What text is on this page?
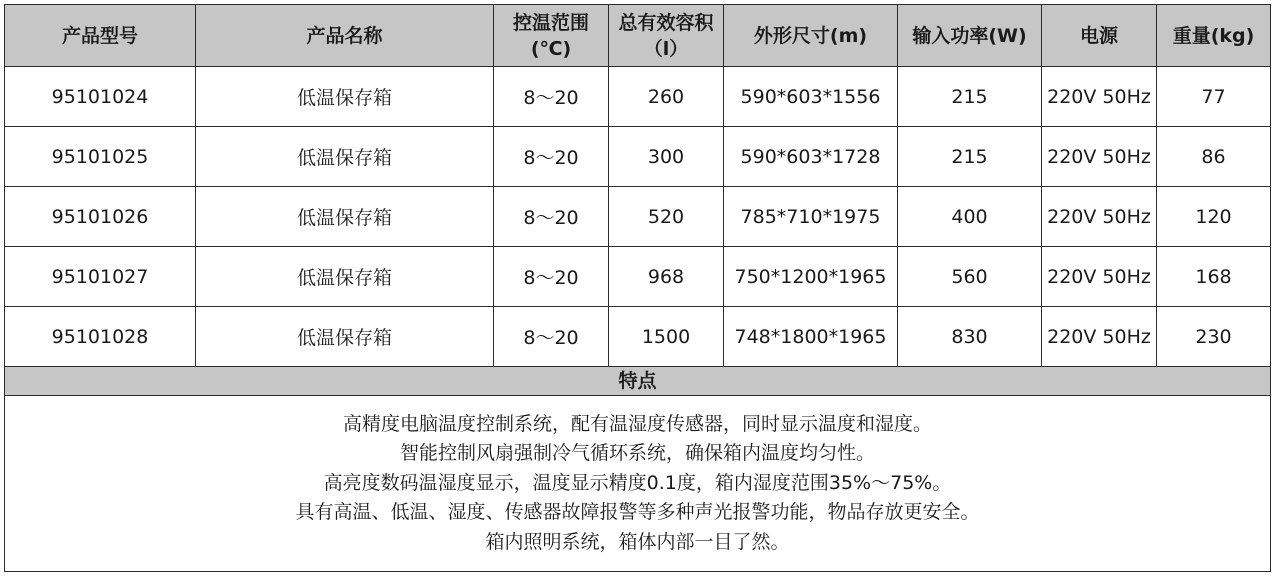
产品型号	产品名称	控温范围(℃)	总有效容积（l）	外形尺寸(m)	输入功率(W)	电源	重量(kg)
95101024	低温保存箱	8～20	260	590*603*1556	215	220V 50Hz	77
95101025	低温保存箱	8～20	300	590*603*1728	215	220V 50Hz	86
95101026	低温保存箱	8～20	520	785*710*1975	400	220V 50Hz	120
95101027	低温保存箱	8～20	968	750*1200*1965	560	220V 50Hz	168
95101028	低温保存箱	8～20	1500	748*1800*1965	830	220V 50Hz	230
特点							

高精度电脑温度控制系统，配有温湿度传感器，同时显示温度和湿度。
智能控制风扇强制冷气循环系统，确保箱内温度均匀性。
高亮度数码温湿度显示，温度显示精度0.1度，箱内湿度范围35%～75%。
具有高温、低温、湿度、传感器故障报警等多种声光报警功能，物品存放更安全。
箱内照明系统，箱体内部一目了然。							
